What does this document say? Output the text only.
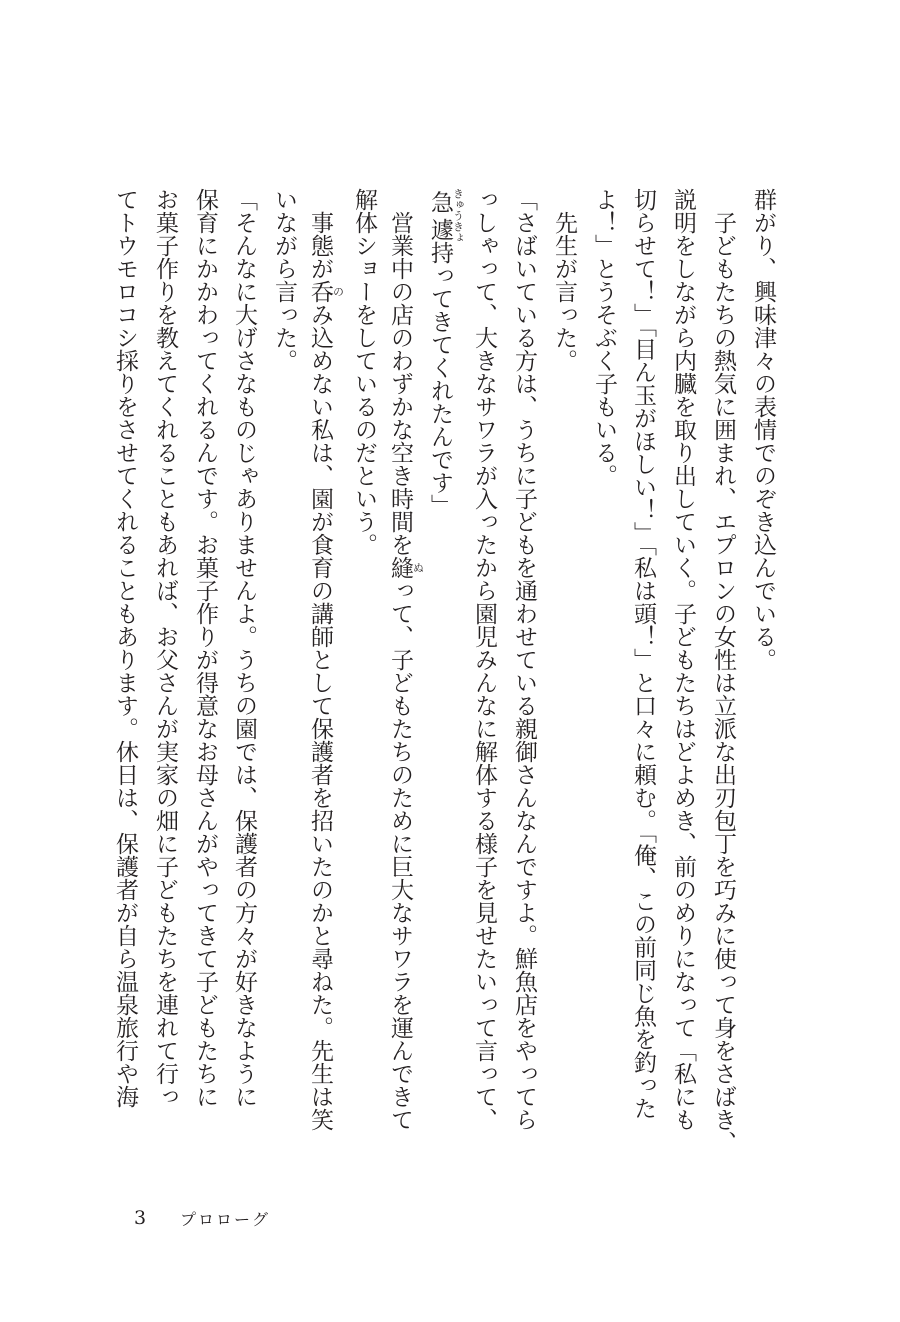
群がり、興味津々の表情でのぞき込んでいる。
　子どもたちの熱気に囲まれ、エプロンの女性は立派な出刃包丁を巧みに使って身をさばき、
説明をしながら内臓を取り出していく。子どもたちはどよめき、前のめりになって「私にも
切らせて！」「目ん玉がほしい！」「私は頭！」と口々に頼む。「俺、この前同じ魚を釣った
よ！」とうそぶく子もいる。
　先生が言った。
「さばいている方は、うちに子どもを通わせている親御さんなんですよ。鮮魚店をやってら
っしゃって、大きなサワラが入ったから園児みんなに解体する様子を見せたいって言って、
急遽きゅうきょ持ってきてくれたんです」
　営業中の店のわずかな空き時間を縫ぬって、子どもたちのために巨大なサワラを運んできて
解体ショーをしているのだという。
　事態が呑のみ込めない私は、園が食育の講師として保護者を招いたのかと尋ねた。先生は笑
いながら言った。
「そんなに大げさなものじゃありませんよ。うちの園では、保護者の方々が好きなように
保育にかかわってくれるんです。お菓子作りが得意なお母さんがやってきて子どもたちに
お菓子作りを教えてくれることもあれば、お父さんが実家の畑に子どもたちを連れて行っ
てトウモロコシ採りをさせてくれることもあります。休日は、保護者が自ら温泉旅行や海
3 プロローグ
